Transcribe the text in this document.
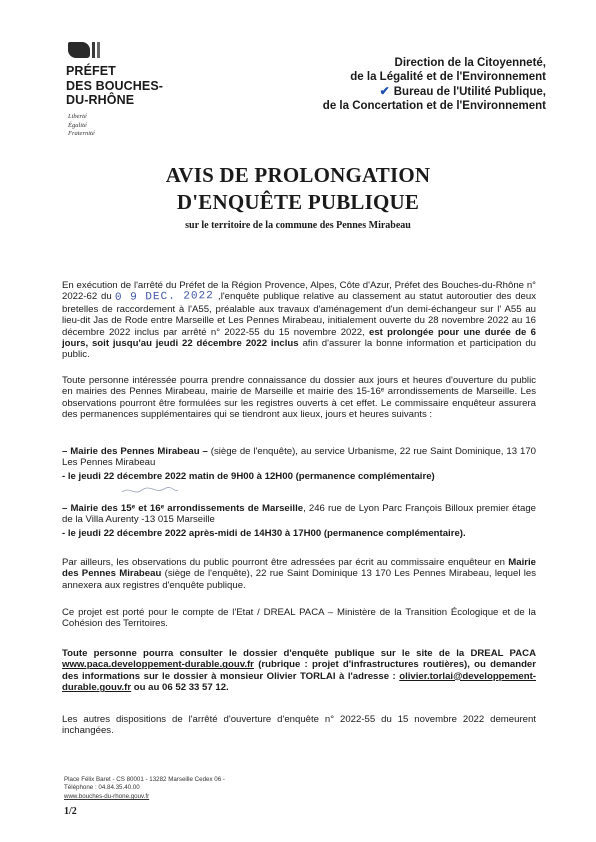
PRÉFET
DES BOUCHES-
DU-RHÔNE
Liberté
Égalité
Fraternité
Direction de la Citoyenneté,
de la Légalité et de l'Environnement
✔ Bureau de l'Utilité Publique,
de la Concertation et de l'Environnement
AVIS DE PROLONGATION
D'ENQUÊTE PUBLIQUE
sur le territoire de la commune des Pennes Mirabeau
En exécution de l'arrêté du Préfet de la Région Provence, Alpes, Côte d'Azur, Préfet des Bouches-du-Rhône n° 2022-62 du 0 9 DEC. 2022 ,l'enquête publique relative au classement au statut autoroutier des deux bretelles de raccordement à l'A55, préalable aux travaux d'aménagement d'un demi-échangeur sur l' A55 au lieu-dit Jas de Rode entre Marseille et Les Pennes Mirabeau, initialement ouverte du 28 novembre 2022 au 16 décembre 2022 inclus par arrêté n° 2022-55 du 15 novembre 2022, est prolongée pour une durée de 6 jours, soit jusqu'au jeudi 22 décembre 2022 inclus afin d'assurer la bonne information et participation du public.
Toute personne intéressée pourra prendre connaissance du dossier aux jours et heures d'ouverture du public en mairies des Pennes Mirabeau, mairie de Marseille et mairie des 15-16ᵉ arrondissements de Marseille. Les observations pourront être formulées sur les registres ouverts à cet effet. Le commissaire enquêteur assurera des permanences supplémentaires qui se tiendront aux lieux, jours et heures suivants :
– Mairie des Pennes Mirabeau – (siège de l'enquête), au service Urbanisme, 22 rue Saint Dominique, 13 170 Les Pennes Mirabeau
- le jeudi 22 décembre 2022 matin de 9H00 à 12H00 (permanence complémentaire)
– Mairie des 15ᵉ et 16ᵉ arrondissements de Marseille, 246 rue de Lyon Parc François Billoux premier étage de la Villa Aurenty -13 015 Marseille
- le jeudi 22 décembre 2022 après-midi de 14H30 à 17H00 (permanence complémentaire).
Par ailleurs, les observations du public pourront être adressées par écrit au commissaire enquêteur en Mairie des Pennes Mirabeau (siège de l'enquête), 22 rue Saint Dominique 13 170 Les Pennes Mirabeau, lequel les annexera aux registres d'enquête publique.
Ce projet est porté pour le compte de l'Etat / DREAL PACA – Ministère de la Transition Écologique et de la Cohésion des Territoires.
Toute personne pourra consulter le dossier d'enquête publique sur le site de la DREAL PACA www.paca.developpement-durable.gouv.fr (rubrique : projet d'infrastructures routières), ou demander des informations sur le dossier à monsieur Olivier TORLAI à l'adresse : olivier.torlai@developpement-durable.gouv.fr ou au 06 52 33 57 12.
Les autres dispositions de l'arrêté d'ouverture d'enquête n° 2022-55 du 15 novembre 2022 demeurent inchangées.
Place Félix Baret - CS 80001 - 13282 Marseille Cedex 06 -
Téléphone : 04.84.35.40.00
www.bouches-du-rhone.gouv.fr
1/2
